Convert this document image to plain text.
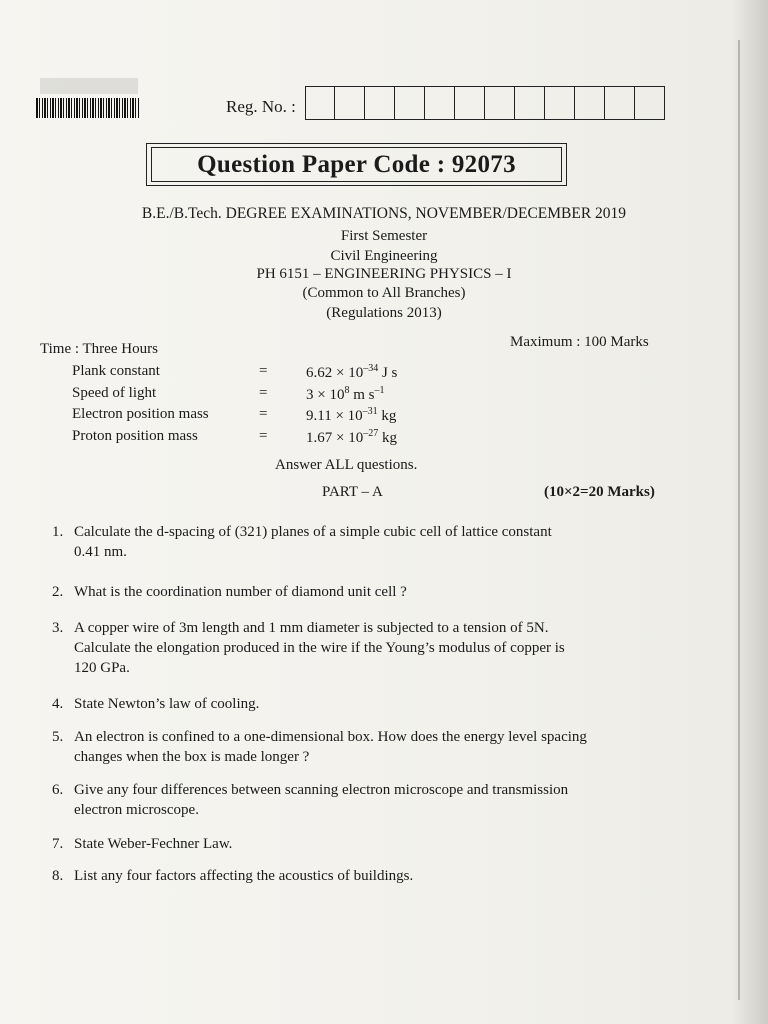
Reg. No. :
Question Paper Code : 92073
B.E./B.Tech. DEGREE EXAMINATIONS, NOVEMBER/DECEMBER 2019
First Semester
Civil Engineering
PH 6151 – ENGINEERING PHYSICS – I
(Common to All Branches)
(Regulations 2013)
Time : Three Hours	Maximum : 100 Marks
Plank constant	=	$6.62 \times 10^{-34}$ J s
Speed of light	=	$3 \times 10^8$ m $s^{-1}$
Electron position mass	=	$9.11 \times 10^{-31}$ kg
Proton position mass	=	$1.67 \times 10^{-27}$ kg
Answer ALL questions.
PART – A	(10×2=20 Marks)
1. Calculate the d-spacing of (321) planes of a simple cubic cell of lattice constant
0.41 nm.
2. What is the coordination number of diamond unit cell ?
3. A copper wire of 3m length and 1 mm diameter is subjected to a tension of 5N.
Calculate the elongation produced in the wire if the Young’s modulus of copper is
120 GPa.
4. State Newton’s law of cooling.
5. An electron is confined to a one-dimensional box. How does the energy level spacing
changes when the box is made longer ?
6. Give any four differences between scanning electron microscope and transmission
electron microscope.
7. State Weber-Fechner Law.
8. List any four factors affecting the acoustics of buildings.
